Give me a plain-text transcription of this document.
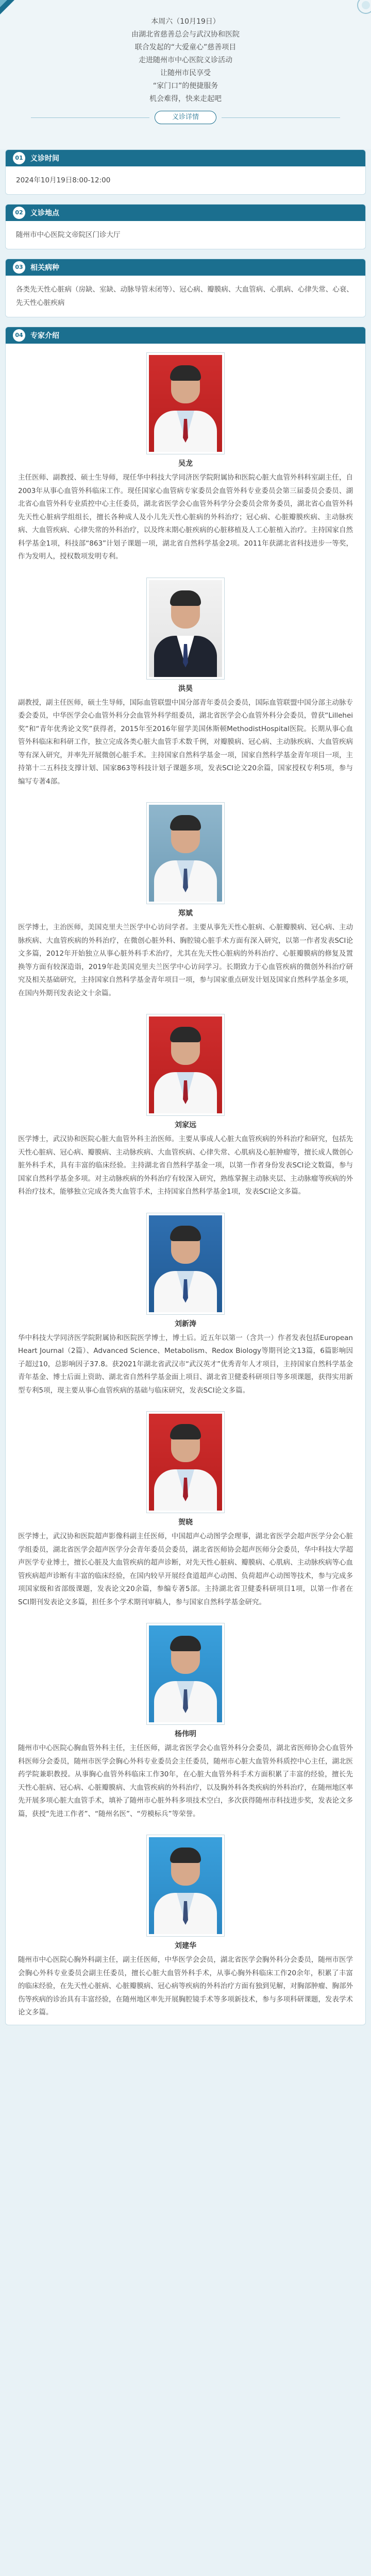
本周六（10月19日）
由湖北省慈善总会与武汉协和医院
联合发起的“大爱童心”慈善项目
走进随州市中心医院义诊活动
让随州市民享受
“家门口”的便捷服务
机会难得，快来走起吧
义诊详情
01	义诊时间
2024年10月19日8:00-12:00
02	义诊地点
随州市中心医院文帝院区门诊大厅
03	相关病种
各类先天性心脏病（房缺、室缺、动脉导管未闭等）、冠心病、瓣膜病、大血管病、心肌病、心律失常、心衰、先天性心脏疾病
04	专家介绍
吴龙
主任医师、副教授、硕士生导师，现任华中科技大学同济医学院附属协和医院心脏大血管外科科室副主任，自2003年从事心血管外科临床工作。现任国家心血管病专家委员会血管外科专业委员会第三届委员会委员、湖北省心血管外科专业质控中心主任委员，湖北省医学会心血管外科学分会委员会常务委员，湖北省心血管外科先天性心脏病学组组长，擅长各种成人及小儿先天性心脏病的外科治疗；冠心病、心脏瓣膜疾病、主动脉疾病、大血管疾病、心律失常的外科治疗，以及终末期心脏疾病的心脏移植及人工心脏植入治疗。主持国家自然科学基金1项，科技部“863”计划子课题一项，湖北省自然科学基金2项。2011年获湖北省科技进步一等奖，作为发明人，授权数项发明专利。
洪昊
副教授，副主任医师，硕士生导师，国际血管联盟中国分部青年委员会委员，国际血管联盟中国分部主动脉专委会委员，中华医学会心血管外科分会血管外科学组委员，湖北省医学会心血管外科分会委员，曾获“Lillehei奖”和“青年优秀论文奖”获得者，2015年至2016年留学美国休斯顿MethodistHospital医院。长期从事心血管外科临床和科研工作，独立完成各类心脏大血管手术数千例，对瓣膜病、冠心病、主动脉疾病、大血管疾病等有深入研究，并率先开展微创心脏手术。主持国家自然科学基金一项，国家自然科学基金青年项目一项，主持第十二五科技支撑计划、国家863等科技计划子课题多项，发表SCI论文20余篇，国家授权专利5项，参与编写专著4部。
郑斌
医学博士，主治医师，美国克里夫兰医学中心访问学者。主要从事先天性心脏病、心脏瓣膜病、冠心病、主动脉疾病、大血管疾病的外科治疗，在微创心脏外科、胸腔镜心脏手术方面有深入研究，以第一作者发表SCI论文多篇，2012年开始独立从事心脏外科手术治疗，尤其在先天性心脏病的外科治疗、心脏瓣膜病的修复及置换等方面有较深造诣，2019年赴美国克里夫兰医学中心访问学习。长期致力于心血管疾病的微创外科治疗研究及相关基础研究，主持国家自然科学基金青年项目一项，参与国家重点研发计划及国家自然科学基金多项，在国内外期刊发表论文十余篇。
刘家远
医学博士，武汉协和医院心脏大血管外科主治医师。主要从事成人心脏大血管疾病的外科治疗和研究，包括先天性心脏病、冠心病、瓣膜病、主动脉疾病、大血管疾病、心律失常、心肌病及心脏肿瘤等，擅长成人微创心脏外科手术，具有丰富的临床经验。主持湖北省自然科学基金一项，以第一作者身份发表SCI论文数篇，参与国家自然科学基金多项。对主动脉疾病的外科治疗有较深入研究，熟练掌握主动脉夹层、主动脉瘤等疾病的外科治疗技术，能够独立完成各类大血管手术，主持国家自然科学基金1项，发表SCI论文多篇。
刘新涛
华中科技大学同济医学院附属协和医院医学博士，博士后。近五年以第一（含共一）作者发表包括European Heart Journal（2篇）、Advanced Science、Metabolism、Redox Biology等期刊论文13篇，6篇影响因子超过10，总影响因子37.8。获2021年湖北省武汉市“武汉英才”优秀青年人才项目，主持国家自然科学基金青年基金、博士后面上资助、湖北省自然科学基金面上项目、湖北省卫健委科研项目等多项课题，获得实用新型专利5项，现主要从事心血管疾病的基础与临床研究，发表SCI论文多篇。
贺晓
医学博士，武汉协和医院超声影像科副主任医师，中国超声心动图学会理事，湖北省医学会超声医学分会心脏学组委员，湖北省医学会超声医学分会青年委员会委员，湖北省医师协会超声医师分会委员，华中科技大学超声医学专业博士，擅长心脏及大血管疾病的超声诊断，对先天性心脏病、瓣膜病、心肌病、主动脉疾病等心血管疾病超声诊断有丰富的临床经验，在国内较早开展经食道超声心动图、负荷超声心动图等技术，参与完成多项国家级和省部级课题，发表论文20余篇，参编专著5部。主持湖北省卫健委科研项目1项，以第一作者在SCI期刊发表论文多篇，担任多个学术期刊审稿人，参与国家自然科学基金研究。
杨伟明
随州市中心医院心胸血管外科主任，主任医师，湖北省医学会心血管外科分会委员，湖北省医师协会心血管外科医师分会委员，随州市医学会胸心外科专业委员会主任委员，随州市心脏大血管外科质控中心主任，湖北医药学院兼职教授。从事胸心血管外科临床工作30年，在心脏大血管外科手术方面积累了丰富的经验，擅长先天性心脏病、冠心病、心脏瓣膜病、大血管疾病的外科治疗，以及胸外科各类疾病的外科治疗，在随州地区率先开展多项心脏大血管手术，填补了随州市心脏外科多项技术空白，多次获得随州市科技进步奖，发表论文多篇，获授“先进工作者”、“随州名医”、“劳模标兵”等荣誉。
刘建华
随州市中心医院心胸外科副主任，副主任医师，中华医学会会员，湖北省医学会胸外科分会委员，随州市医学会胸心外科专业委员会副主任委员，擅长心脏大血管外科手术，从事心胸外科临床工作20余年，积累了丰富的临床经验，在先天性心脏病、心脏瓣膜病、冠心病等疾病的外科治疗方面有独到见解，对胸部肿瘤、胸部外伤等疾病的诊治具有丰富经验，在随州地区率先开展胸腔镜手术等多项新技术，参与多项科研课题，发表学术论文多篇。
